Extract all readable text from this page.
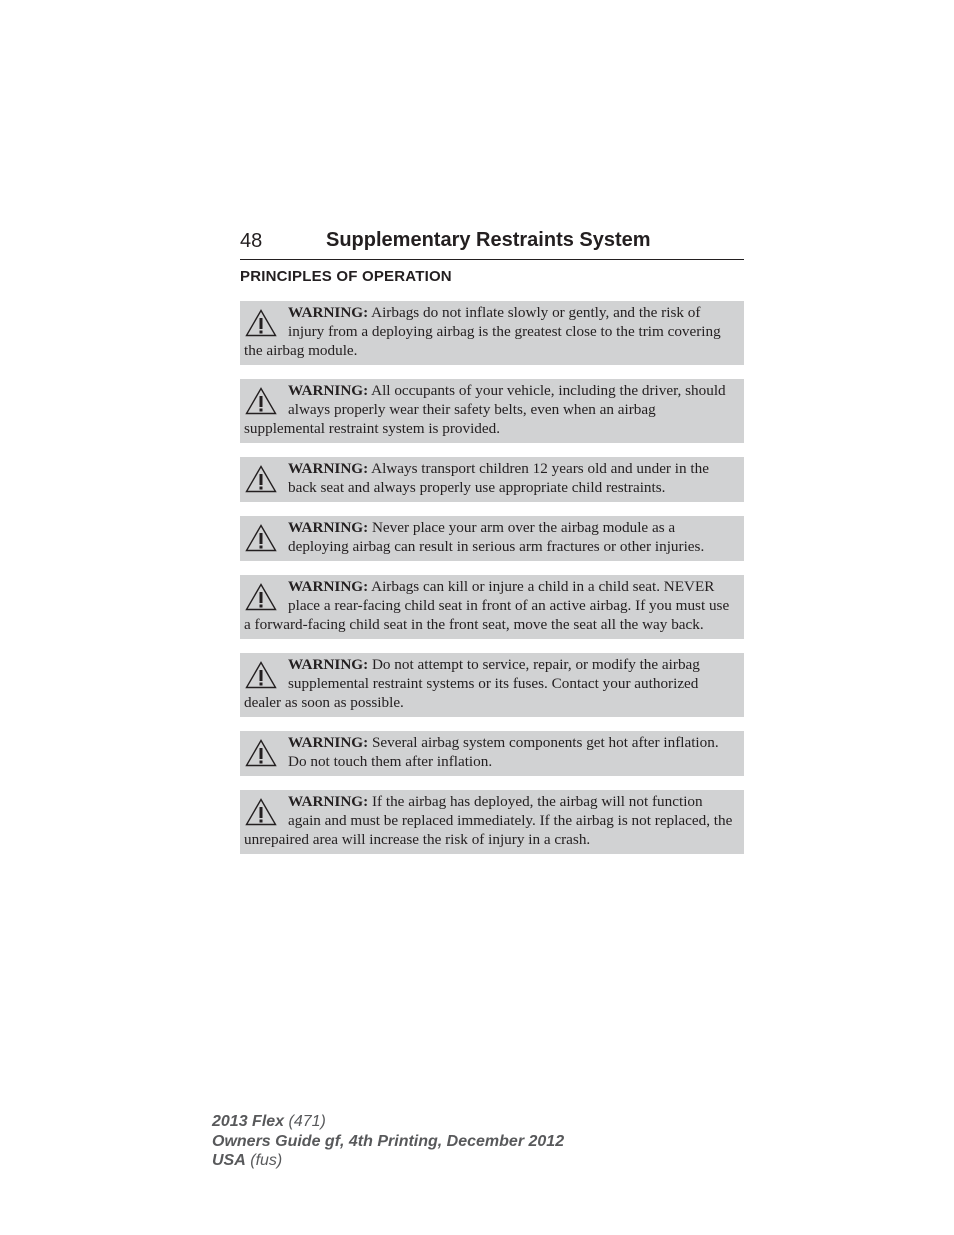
48	Supplementary Restraints System
PRINCIPLES OF OPERATION
WARNING: Airbags do not inflate slowly or gently, and the risk of injury from a deploying airbag is the greatest close to the trim covering the airbag module.
WARNING: All occupants of your vehicle, including the driver, should always properly wear their safety belts, even when an airbag supplemental restraint system is provided.
WARNING: Always transport children 12 years old and under in the back seat and always properly use appropriate child restraints.
WARNING: Never place your arm over the airbag module as a deploying airbag can result in serious arm fractures or other injuries.
WARNING: Airbags can kill or injure a child in a child seat. NEVER place a rear-facing child seat in front of an active airbag. If you must use a forward-facing child seat in the front seat, move the seat all the way back.
WARNING: Do not attempt to service, repair, or modify the airbag supplemental restraint systems or its fuses. Contact your authorized dealer as soon as possible.
WARNING: Several airbag system components get hot after inflation. Do not touch them after inflation.
WARNING: If the airbag has deployed, the airbag will not function again and must be replaced immediately. If the airbag is not replaced, the unrepaired area will increase the risk of injury in a crash.
2013 Flex (471)
Owners Guide gf, 4th Printing, December 2012
USA (fus)
